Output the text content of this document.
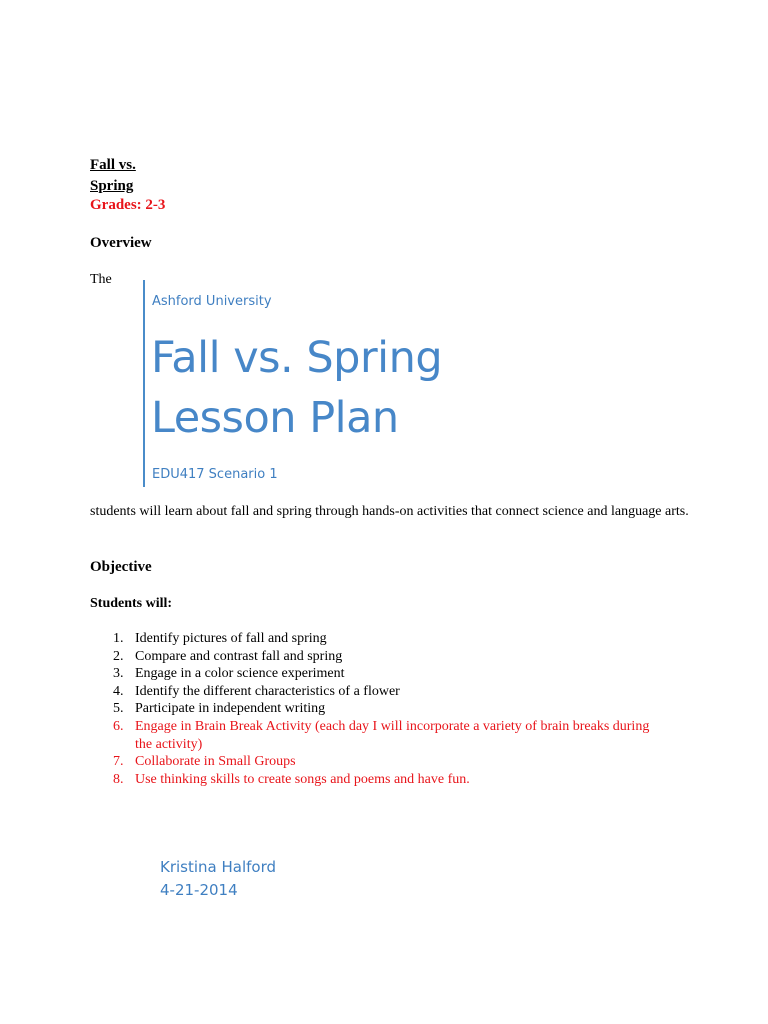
Fall vs.
Spring
Grades: 2-3
Overview
The
Ashford University
Fall vs. Spring
Lesson Plan
EDU417 Scenario 1
students will learn about fall and spring through hands-on activities that connect science and language arts.
Objective
Students will:
1. Identify pictures of fall and spring
2. Compare and contrast fall and spring
3. Engage in a color science experiment
4. Identify the different characteristics of a flower
5. Participate in independent writing
6. Engage in Brain Break Activity (each day I will incorporate a variety of brain breaks during the activity)
7. Collaborate in Small Groups
8. Use thinking skills to create songs and poems and have fun.
Kristina Halford
4-21-2014
